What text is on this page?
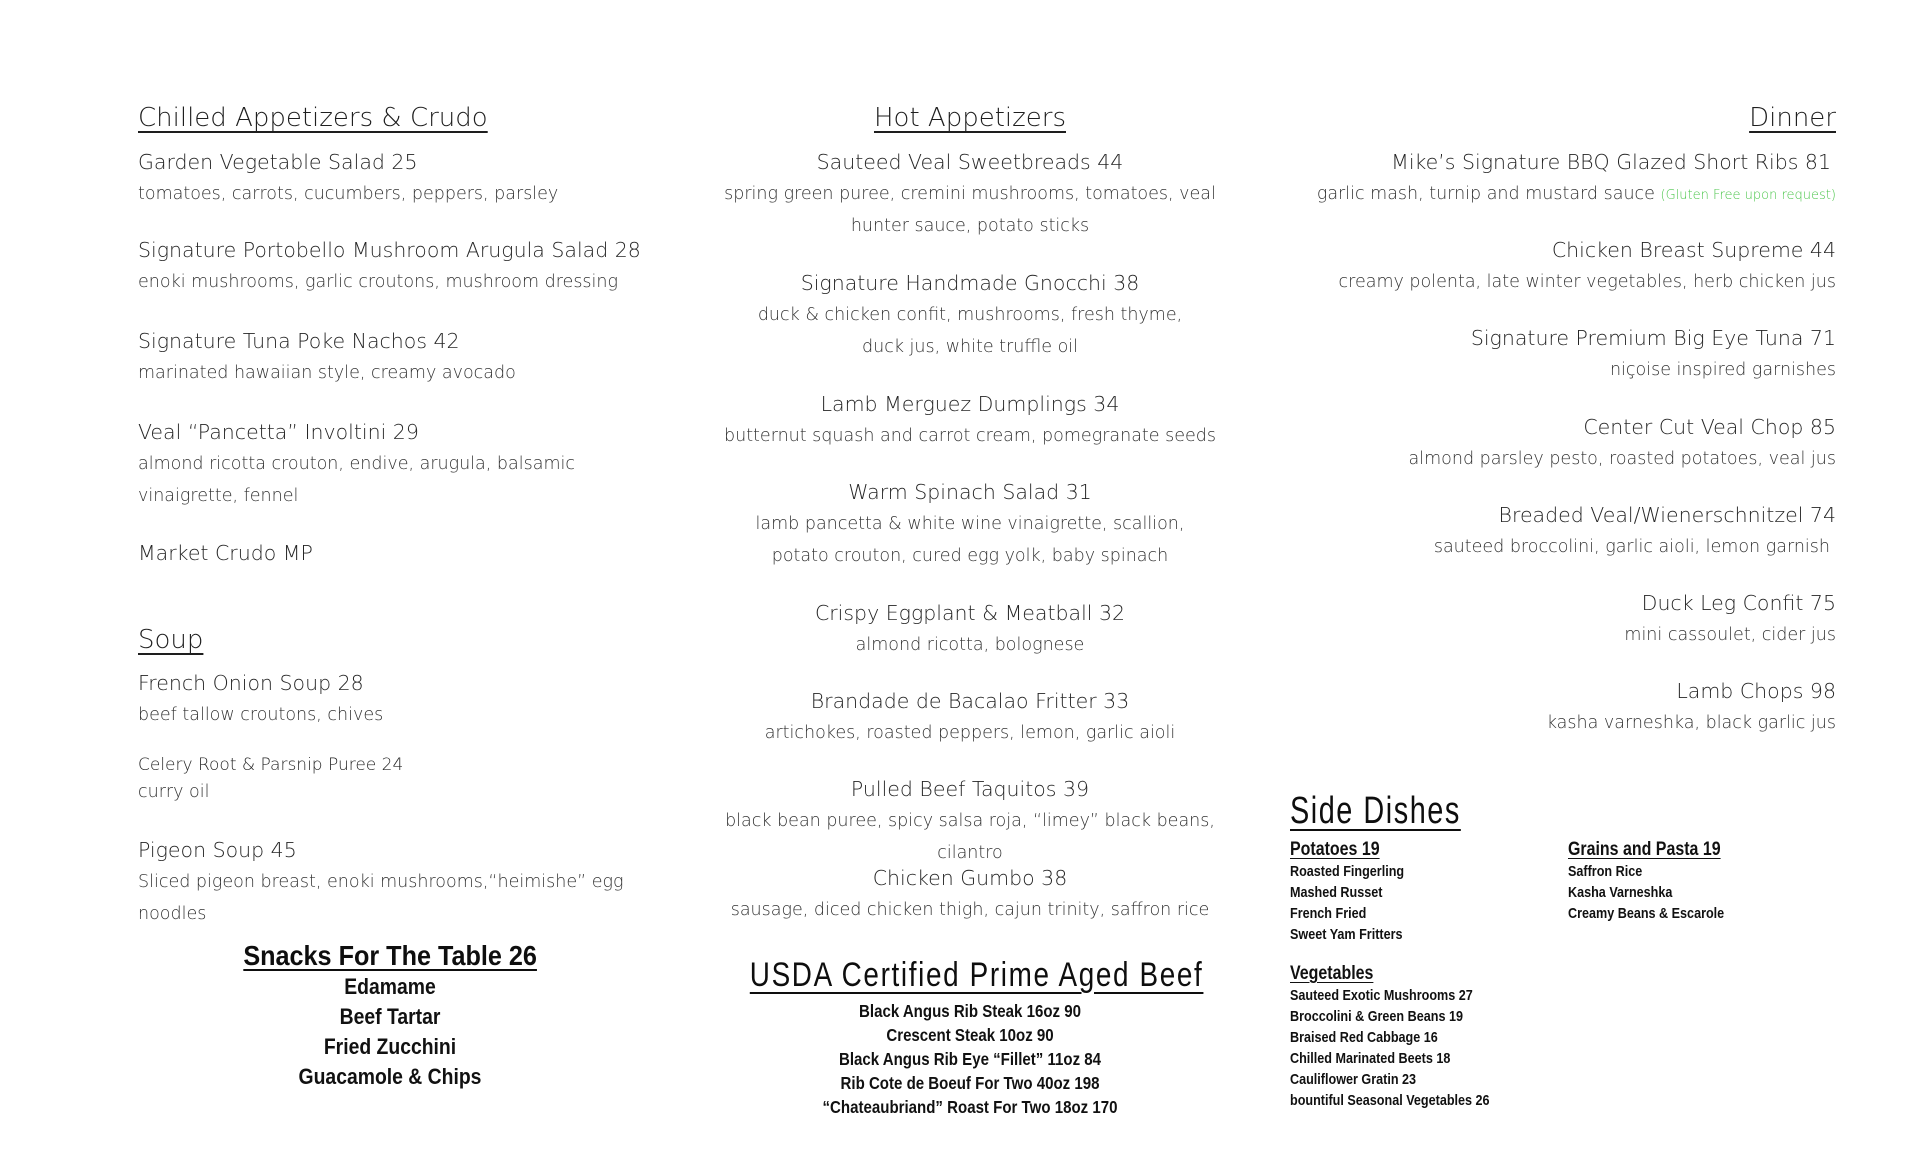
Chilled Appetizers & Crudo
Garden Vegetable Salad 25
tomatoes, carrots, cucumbers, peppers, parsley
Signature Portobello Mushroom Arugula Salad 28
enoki mushrooms, garlic croutons, mushroom dressing
Signature Tuna Poke Nachos 42
marinated hawaiian style, creamy avocado
Veal “Pancetta” Involtini 29
almond ricotta crouton, endive, arugula, balsamic vinaigrette, fennel
Market Crudo MP
Soup
French Onion Soup 28
beef tallow croutons, chives
Celery Root & Parsnip Puree 24
curry oil
Pigeon Soup 45
Sliced pigeon breast, enoki mushrooms,“heimishe” egg noodles
Snacks For The Table 26
Edamame
Beef Tartar
Fried Zucchini
Guacamole & Chips
Hot Appetizers
Sauteed Veal Sweetbreads 44
spring green puree, cremini mushrooms, tomatoes, veal hunter sauce, potato sticks
Signature Handmade Gnocchi 38
duck & chicken confit, mushrooms, fresh thyme, duck jus, white truffle oil
Lamb Merguez Dumplings 34
butternut squash and carrot cream, pomegranate seeds
Warm Spinach Salad 31
lamb pancetta & white wine vinaigrette, scallion, potato crouton, cured egg yolk, baby spinach
Crispy Eggplant & Meatball 32
almond ricotta, bolognese
Brandade de Bacalao Fritter 33
artichokes, roasted peppers, lemon, garlic aioli
Pulled Beef Taquitos 39
black bean puree, spicy salsa roja, “limey” black beans, cilantro
Chicken Gumbo 38
sausage, diced chicken thigh, cajun trinity, saffron rice
USDA Certified Prime Aged Beef
Black Angus Rib Steak 16oz 90
Crescent Steak 10oz 90
Black Angus Rib Eye “Fillet” 11oz 84
Rib Cote de Boeuf For Two 40oz 198
“Chateaubriand” Roast For Two 18oz 170
Dinner
Mike’s Signature BBQ Glazed Short Ribs 81
garlic mash, turnip and mustard sauce (Gluten Free upon request)
Chicken Breast Supreme 44
creamy polenta, late winter vegetables, herb chicken jus
Signature Premium Big Eye Tuna 71
niçoise inspired garnishes
Center Cut Veal Chop 85
almond parsley pesto, roasted potatoes, veal jus
Breaded Veal/Wienerschnitzel 74
sauteed broccolini, garlic aioli, lemon garnish
Duck Leg Confit 75
mini cassoulet, cider jus
Lamb Chops 98
kasha varneshka, black garlic jus
Side Dishes
Potatoes 19
Roasted Fingerling
Mashed Russet
French Fried
Sweet Yam Fritters
Grains and Pasta 19
Saffron Rice
Kasha Varneshka
Creamy Beans & Escarole
Vegetables
Sauteed Exotic Mushrooms 27
Broccolini & Green Beans 19
Braised Red Cabbage 16
Chilled Marinated Beets 18
Cauliflower Gratin 23
bountiful Seasonal Vegetables 26
